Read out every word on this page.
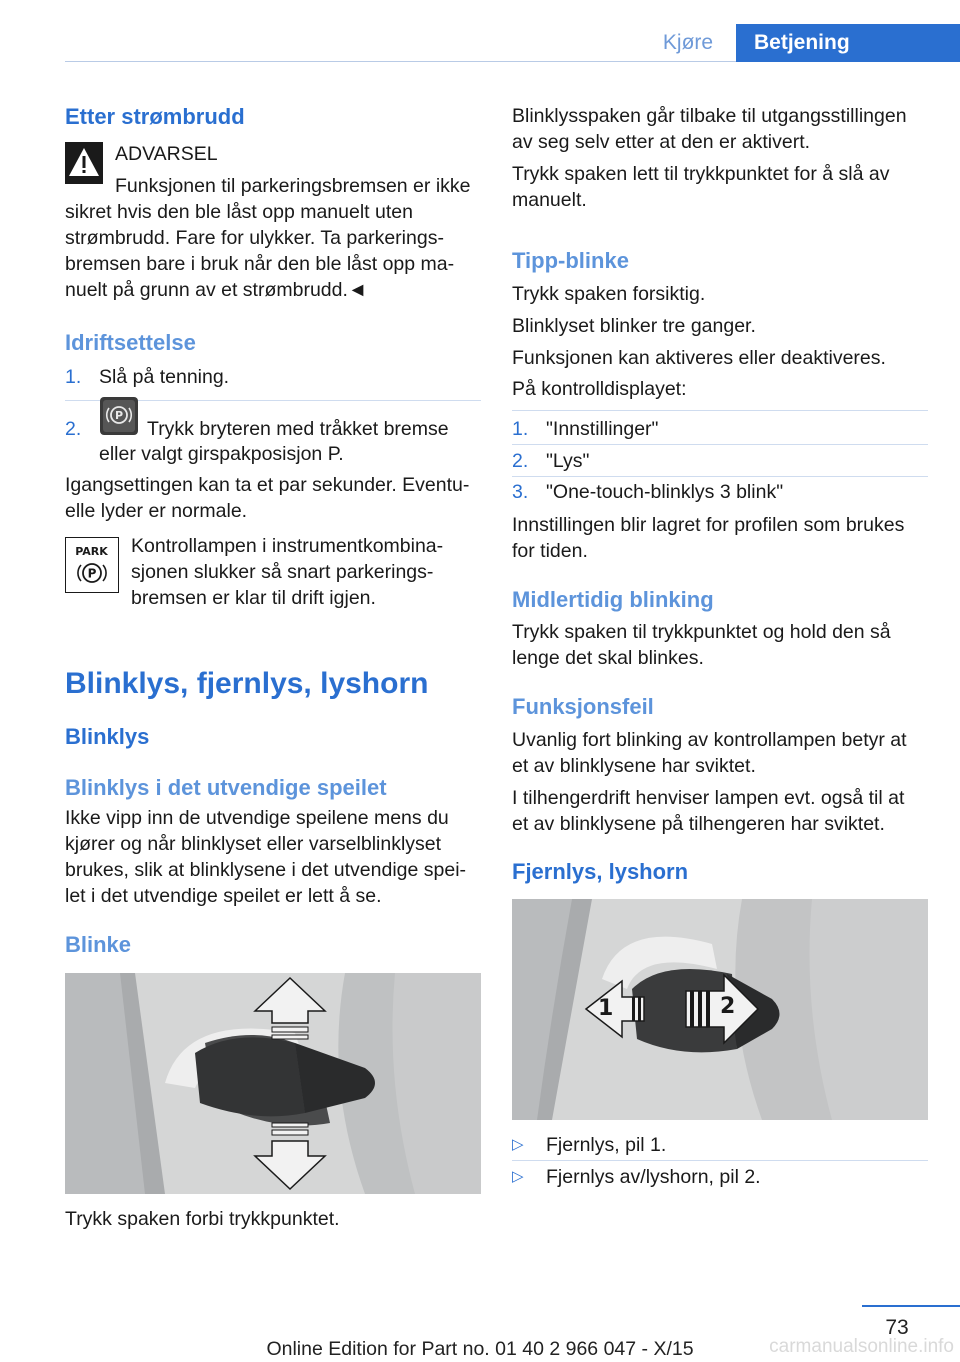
Kjøre	Betjening

Etter strømbrudd

ADVARSEL

Funksjonen til parkeringsbremsen er ikke

sikret hvis den ble låst opp manuelt uten

strømbrudd. Fare for ulykker. Ta parkerings-

bremsen bare i bruk når den ble låst opp ma-

nuelt på grunn av et strømbrudd.◄

Idriftsettelse

1. Slå på tenning.

2.
P

Trykk bryteren med tråkket bremse

eller valgt girspakposisjon P.

Igangsettingen kan ta et par sekunder. Eventu-

elle lyder er normale.

PARK
P

Kontrollampen i instrumentkombina-

sjonen slukker så snart parkerings-

bremsen er klar til drift igjen.

Blinklys, fjernlys, lyshorn

Blinklys

Blinklys i det utvendige speilet

Ikke vipp inn de utvendige speilene mens du

kjører og når blinklyset eller varselblinklyset

brukes, slik at blinklysene i det utvendige spei-

let i det utvendige speilet er lett å se.

Blinke

Trykk spaken forbi trykkpunktet.

Blinklysspaken går tilbake til utgangsstillingen

av seg selv etter at den er aktivert.

Trykk spaken lett til trykkpunktet for å slå av

manuelt.

Tipp-blinke

Trykk spaken forsiktig.

Blinklyset blinker tre ganger.

Funksjonen kan aktiveres eller deaktiveres.

På kontrolldisplayet:

1. "Innstillinger"

2. "Lys"

3. "One-touch-blinklys 3 blink"

Innstillingen blir lagret for profilen som brukes

for tiden.

Midlertidig blinking

Trykk spaken til trykkpunktet og hold den så

lenge det skal blinkes.

Funksjonsfeil

Uvanlig fort blinking av kontrollampen betyr at

et av blinklysene har sviktet.

I tilhengerdrift henviser lampen evt. også til at

et av blinklysene på tilhengeren har sviktet.

Fjernlys, lyshorn

1	2
▷ Fjernlys, pil 1.

▷ Fjernlys av/lyshorn, pil 2.

73
Online Edition for Part no. 01 40 2 966 047 - X/15	carmanualsonline.info
